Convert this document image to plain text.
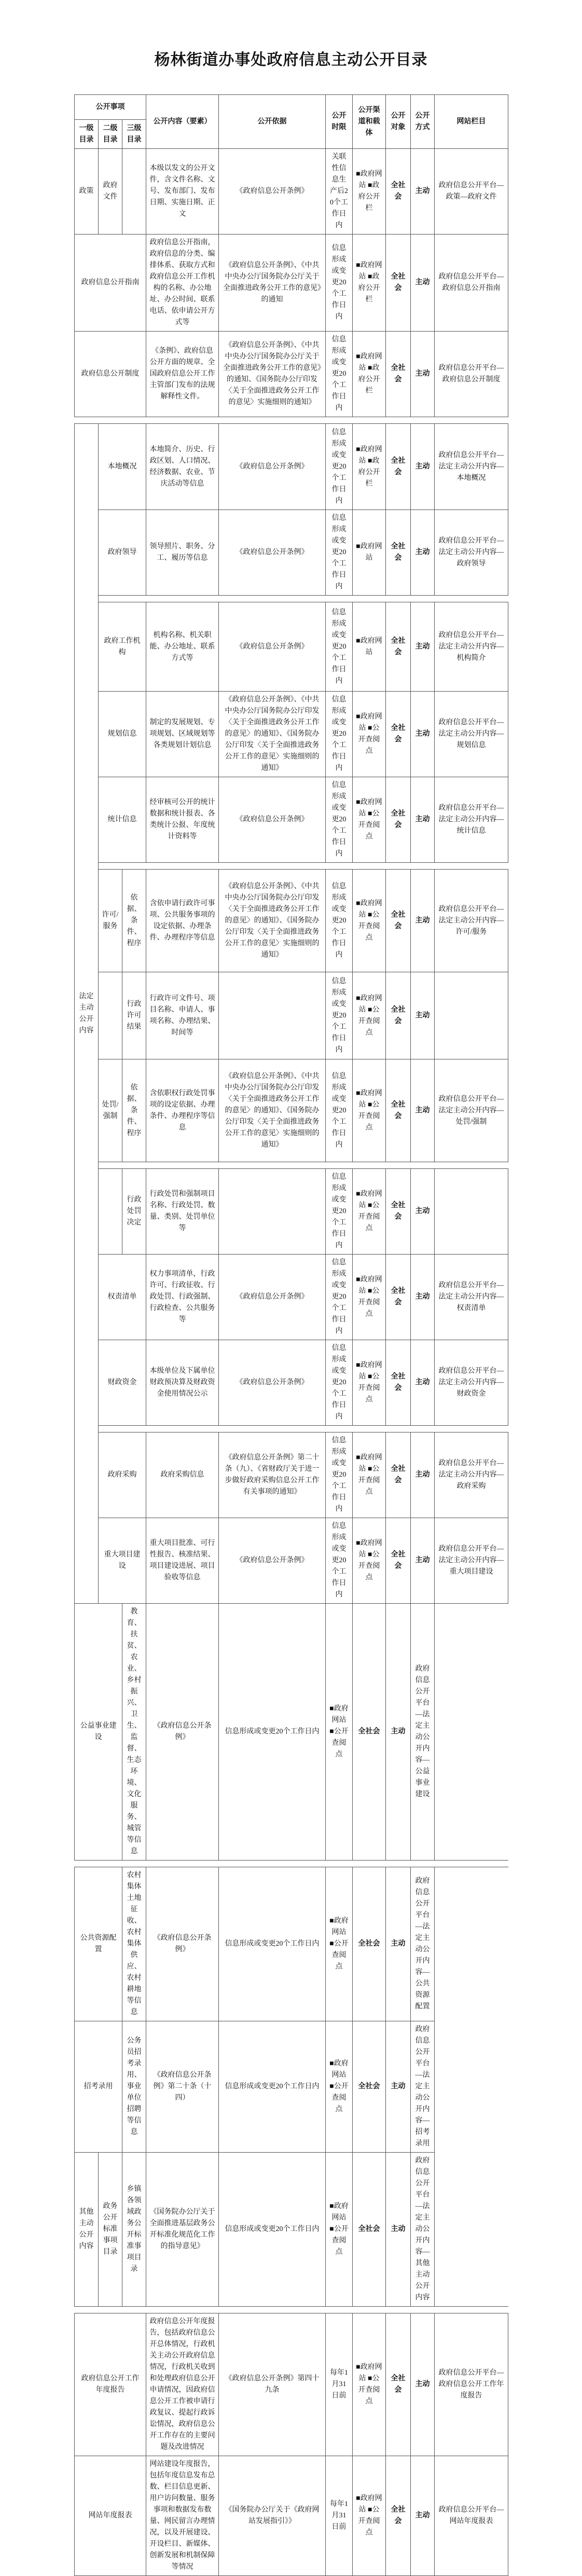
杨林街道办事处政府信息主动公开目录
公开事项			公开内容（要素）	公开依据	公开时限	公开渠道和载体	公开对象	公开方式	网站栏目
一级目录	二级目录	三级目录							
政策	政府文件		本级以发文的公开文件，含文件名称、文号、发布部门、发布日期、实施日期、正文	《政府信息公开条例》	关联性信息生产后20个工作日内	■政府网站 ■政府公开栏	全社会	主动	政府信息公开平台—政策—政府文件
政府信息公开指南			政府信息公开指南，政府信息的分类、编排体系、获取方式和政府信息公开工作机构的名称、办公地址、办公时间、联系电话、依申请公开方式等	《政府信息公开条例》、《中共中央办公厅国务院办公厅关于全面推进政务公开工作的意见》的通知	信息形成或变更20个工作日内	■政府网站 ■政府公开栏	全社会	主动	政府信息公开平台—政府信息公开指南
政府信息公开制度			《条例》、政府信息公开方面的规章、全国政府信息公开工作主管部门发布的法规解释性文件。	《政府信息公开条例》、《中共中央办公厅国务院办公厅关于全面推进政务公开工作的意见》的通知、《国务院办公厅印发〈关于全面推进政务公开工作的意见〉实施细则的通知》	信息形成或变更20个工作日内	■政府网站 ■政府公开栏	全社会	主动	政府信息公开平台—政府信息公开制度

法定主动公开内容	本地概况		本地简介、历史、行政区划、人口情况、经济数据、农业、节庆活动等信息	《政府信息公开条例》	信息形成或变更20个工作日内	■政府网站 ■政府公开栏	全社会	主动	政府信息公开平台—法定主动公开内容—本地概况
	政府领导		领导照片、职务、分工、履历等信息	《政府信息公开条例》	信息形成或变更20个工作日内	■政府网站	全社会	主动	政府信息公开平台—法定主动公开内容—政府领导

	政府工作机构		机构名称、机关职能、办公地址、联系方式等	《政府信息公开条例》	信息形成或变更20个工作日内	■政府网站	全社会	主动	政府信息公开平台—法定主动公开内容—机构简介
	规划信息		制定的发展规划、专项规划、区域规划等各类规划计划信息	《政府信息公开条例》、《中共中央办公厅国务院办公厅印发〈关于全面推进政务公开工作的意见〉的通知》、《国务院办公厅印发〈关于全面推进政务公开工作的意见〉实施细则的通知》	信息形成或变更20个工作日内	■政府网站 ■公开查阅点	全社会	主动	政府信息公开平台—法定主动公开内容—规划信息
	统计信息		经审核可公开的统计数据和统计报表、各类统计公报、年度统计资料等	《政府信息公开条例》	信息形成或变更20个工作日内	■政府网站 ■公开查阅点	全社会	主动	政府信息公开平台—法定主动公开内容—统计信息

	许可/服务	依据、条件、程序	含依申请行政许可事项、公共服务事项的设定依据、办理条件、办理程序等信息	《政府信息公开条例》、《中共中央办公厅国务院办公厅印发〈关于全面推进政务公开工作的意见〉的通知》、《国务院办公厅印发〈关于全面推进政务公开工作的意见〉实施细则的通知》	信息形成或变更20个工作日内	■政府网站 ■公开查阅点	全社会	主动	政府信息公开平台—法定主动公开内容—许可/服务
		行政许可结果	行政许可文件号、项目名称、申请人、事项名称、办理结果、时间等		信息形成或变更20个工作日内	■政府网站 ■公开查阅点	全社会	主动	
	处罚/强制	依据、条件、程序	含依职权行政处罚事项的设定依据、办理条件、办理程序等信息	《政府信息公开条例》、《中共中央办公厅国务院办公厅印发〈关于全面推进政务公开工作的意见〉的通知》、《国务院办公厅印发〈关于全面推进政务公开工作的意见〉实施细则的通知》	信息形成或变更20个工作日内	■政府网站 ■公开查阅点	全社会	主动	政府信息公开平台—法定主动公开内容—处罚/强制

		行政处罚决定	行政处罚和强制项目名称、行政处罚、数量、类别、处罚单位等		信息形成或变更20个工作日内	■政府网站 ■公开查阅点	全社会	主动	
	权责清单		权力事项清单，行政许可、行政征收、行政处罚、行政强制、行政检查、公共服务等	《政府信息公开条例》	信息形成或变更20个工作日内	■政府网站 ■公开查阅点	全社会	主动	政府信息公开平台—法定主动公开内容—权责清单
	财政资金		本级单位及下属单位财政预决算及财政资金使用情况公示	《政府信息公开条例》	信息形成或变更20个工作日内	■政府网站 ■公开查阅点	全社会	主动	政府信息公开平台—法定主动公开内容—财政资金

	政府采购		政府采购信息	《政府信息公开条例》第二十条（九）、《省财政厅关于进一步做好政府采购信息公开工作有关事项的通知》	信息形成或变更20个工作日内	■政府网站 ■公开查阅点	全社会	主动	政府信息公开平台—法定主动公开内容—政府采购
	重大项目建设		重大项目批准、可行性报告、核准结果、项目建设进展、项目验收等信息	《政府信息公开条例》	信息形成或变更20个工作日内	■政府网站 ■公开查阅点	全社会	主动	政府信息公开平台—法定主动公开内容—重大项目建设
公益事业建设		教育、扶贫、农业、乡村振兴、卫生、监督、生态环境、文化服务、城管等信息	《政府信息公开条例》	信息形成或变更20个工作日内	■政府网站 ■公开查阅点	全社会	主动	政府信息公开平台—法定主动公开内容—公益事业建设	

公共资源配置		农村集体土地征收、农村集体供应、农村耕地等信息	《政府信息公开条例》	信息形成或变更20个工作日内	■政府网站 ■公开查阅点	全社会	主动	政府信息公开平台—法定主动公开内容—公共资源配置	
招考录用		公务员招考录用、事业单位招聘等信息	《政府信息公开条例》第二十条（十四）	信息形成或变更20个工作日内	■政府网站 ■公开查阅点	全社会	主动	政府信息公开平台—法定主动公开内容—招考录用	
其他主动公开内容	政务公开标准事项目录	乡镇各领域政务公开标准事项目录	《国务院办公厅关于全面推进基层政务公开标准化规范化工作的指导意见》	信息形成或变更20个工作日内	■政府网站 ■公开查阅点	全社会	主动	政府信息公开平台—法定主动公开内容—其他主动公开内容	

政府信息公开工作年度报告			政府信息公开年度报告，包括政府信息公开总体情况，行政机关主动公开政府信息情况，行政机关收到和处理政府信息公开申请情况，因政府信息公开工作被申请行政复议、提起行政诉讼情况，政府信息公开工作存在的主要问题及改进情况	《政府信息公开条例》第四十九条	每年1月31日前	■政府网站 ■公开查阅点	全社会	主动	政府信息公开平台—政府信息公开工作年度报告
网站年度报表			网站建设年度报告，包括年度信息发布总数、栏目信息更新、用户访问数量、服务事项和数据发布数量、网民留言办理情况，以及开展建设、开设栏目、新媒体、创新发展和机制保障等情况	《国务院办公厅关于《政府网站发展指引》》	每年1月31日前	■政府网站 ■公开查阅点	全社会	主动	政府信息公开平台—网站年度报表
